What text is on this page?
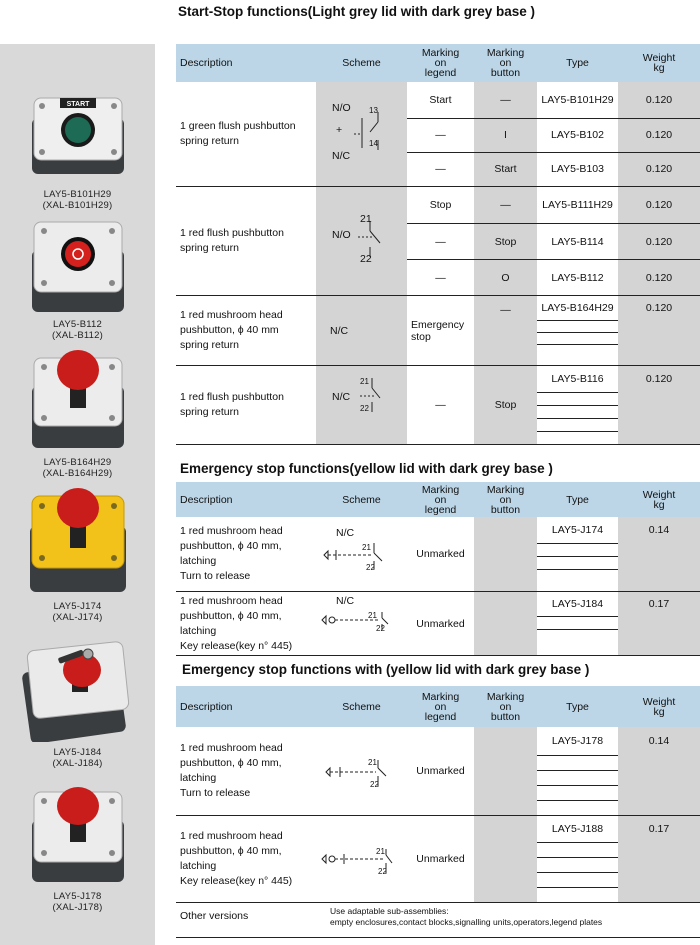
START
LAY5-B101H29
(XAL-B101H29)
LAY5-B112
(XAL-B112)
LAY5-B164H29
(XAL-B164H29)
LAY5-J174
(XAL-J174)
LAY5-J184
(XAL-J184)
LAY5-J178
(XAL-J178)
Start-Stop functions(Light grey lid with dark grey base )
Description	Scheme	Marking
on
legend	Marking
on
button	Type	Weight
kg
1 green flush pushbutton
spring return	N/O
+
N/C
13
14	Start	—	LAY5-B101H29	0.120
		—	I	LAY5-B102	0.120
		—	Start	LAY5-B103	0.120
1 red flush pushbutton
spring return	N/O
21
22	Stop	—	LAY5-B111H29	0.120
		—	Stop	LAY5-B114	0.120
		—	O	LAY5-B112	0.120
1 red mushroom head
pushbutton, ϕ 40 mm
spring return	N/C	Emergency
stop	—	LAY5-B164H29	0.120

1 red flush pushbutton
spring return	N/C
21
22	—	Stop	LAY5-B116	0.120
Emergency stop functions(yellow lid with dark grey base )
Description	Scheme	Marking
on
legend	Marking
on
button	Type	Weight
kg
1 red mushroom head
pushbutton, ϕ 40 mm,
latching
Turn to release	N/C
21
22	Unmarked		LAY5-J174	0.14

1 red mushroom head
pushbutton, ϕ 40 mm,
latching
Key release(key n° 445)	N/C
21
22	Unmarked		LAY5-J184	0.17
Emergency stop functions with (yellow lid with dark grey base )
Description	Scheme	Marking
on
legend	Marking
on
button	Type	Weight
kg
1 red mushroom head
pushbutton, ϕ 40 mm,
latching
Turn to release	21
22	Unmarked		LAY5-J178	0.14

1 red mushroom head
pushbutton, ϕ 40 mm,
latching
Key release(key n° 445)	21
22	Unmarked		LAY5-J188	0.17
Other versions	Use adaptable sub-assemblies:
empty enclosures,contact blocks,signalling units,operators,legend plates
